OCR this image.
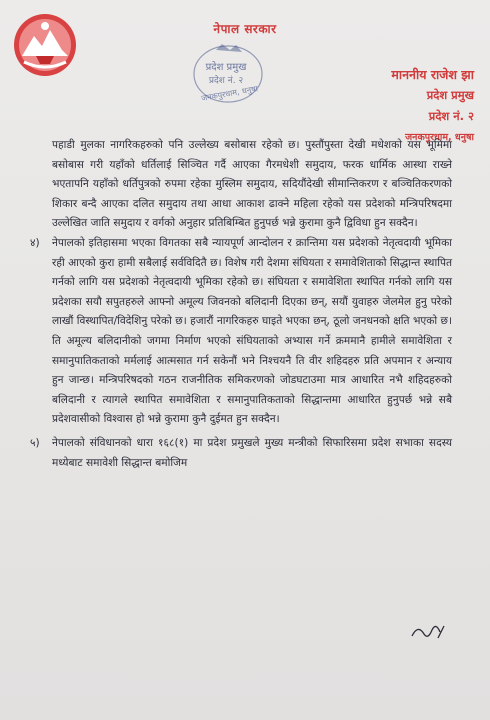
नेपाल सरकार
प्रदेश प्रमुख
प्रदेश नं. २
जनकपुरधाम, धनुषा
माननीय राजेश झा
प्रदेश प्रमुख
प्रदेश नं. २
जनकपुरधाम, धनुषा

पहाडी मुलका नागरिकहरुको पनि उल्लेख्य बसोबास रहेको छ। पुस्तौंपुस्ता देखी मधेशको यस भूमिमा बसोबास गरी यहाँको धर्तिलाई सिञ्चित गर्दै आएका गैरमधेशी समुदाय, फरक धार्मिक आस्था राख्ने भएतापनि यहाँको धर्तिपुत्रको रुपमा रहेका मुस्लिम समुदाय, सदियौंदेखी सीमान्तिकरण र बञ्चितिकरणको शिकार बन्दै आएका दलित समुदाय तथा आधा आकाश ढाक्ने महिला रहेको यस प्रदेशको मन्त्रिपरिषदमा उल्लेखित जाति समुदाय र वर्गको अनुहार प्रतिबिम्बित हुनुपर्छ भन्ने कुरामा कुनै द्विविधा हुन सक्दैन।

४) नेपालको इतिहासमा भएका विगतका सबै न्यायपूर्ण आन्दोलन र क्रान्तिमा यस प्रदेशको नेतृत्वदायी भूमिका रही आएको कुरा हामी सबैलाई सर्वविदितै छ। विशेष गरी देशमा संघियता र समावेशिताको सिद्धान्त स्थापित गर्नको लागि यस प्रदेशको नेतृत्वदायी भूमिका रहेको छ। संघियता र समावेशिता स्थापित गर्नको लागि यस प्रदेशका सयौ सपुतहरुले आफ्नो अमूल्य जिवनको बलिदानी दिएका छन्, सयौं युवाहरु जेलमेल हुनु परेको लाखौं विस्थापित/विदेशिनु परेको छ। हजारौं नागरिकहरु घाइते भएका छन्, ठूलो जनधनको क्षति भएको छ। ति अमूल्य बलिदानीको जगमा निर्माण भएको संघियताको अभ्यास गर्ने क्रममानै हामीले समावेशिता र समानुपातिकताको मर्मलाई आत्मसात गर्न सकेनौं भने निश्चयनै ति वीर शहिदहरु प्रति अपमान र अन्याय हुन जान्छ। मन्त्रिपरिषदको गठन राजनीतिक समिकरणको जोडघटाउमा मात्र आधारित नभै शहिदहरुको बलिदानी र त्यागले स्थापित समावेशिता र समानुपातिकताको सिद्धान्तमा आधारित हुनुपर्छ भन्ने सबै प्रदेशवासीको विश्वास हो भन्ने कुरामा कुनै दुईमत हुन सक्दैन।

५) नेपालको संविधानको धारा १६८(१) मा प्रदेश प्रमुखले मुख्य मन्त्रीको सिफारिसमा प्रदेश सभाका सदस्य मध्येबाट समावेशी सिद्धान्त बमोजिम
